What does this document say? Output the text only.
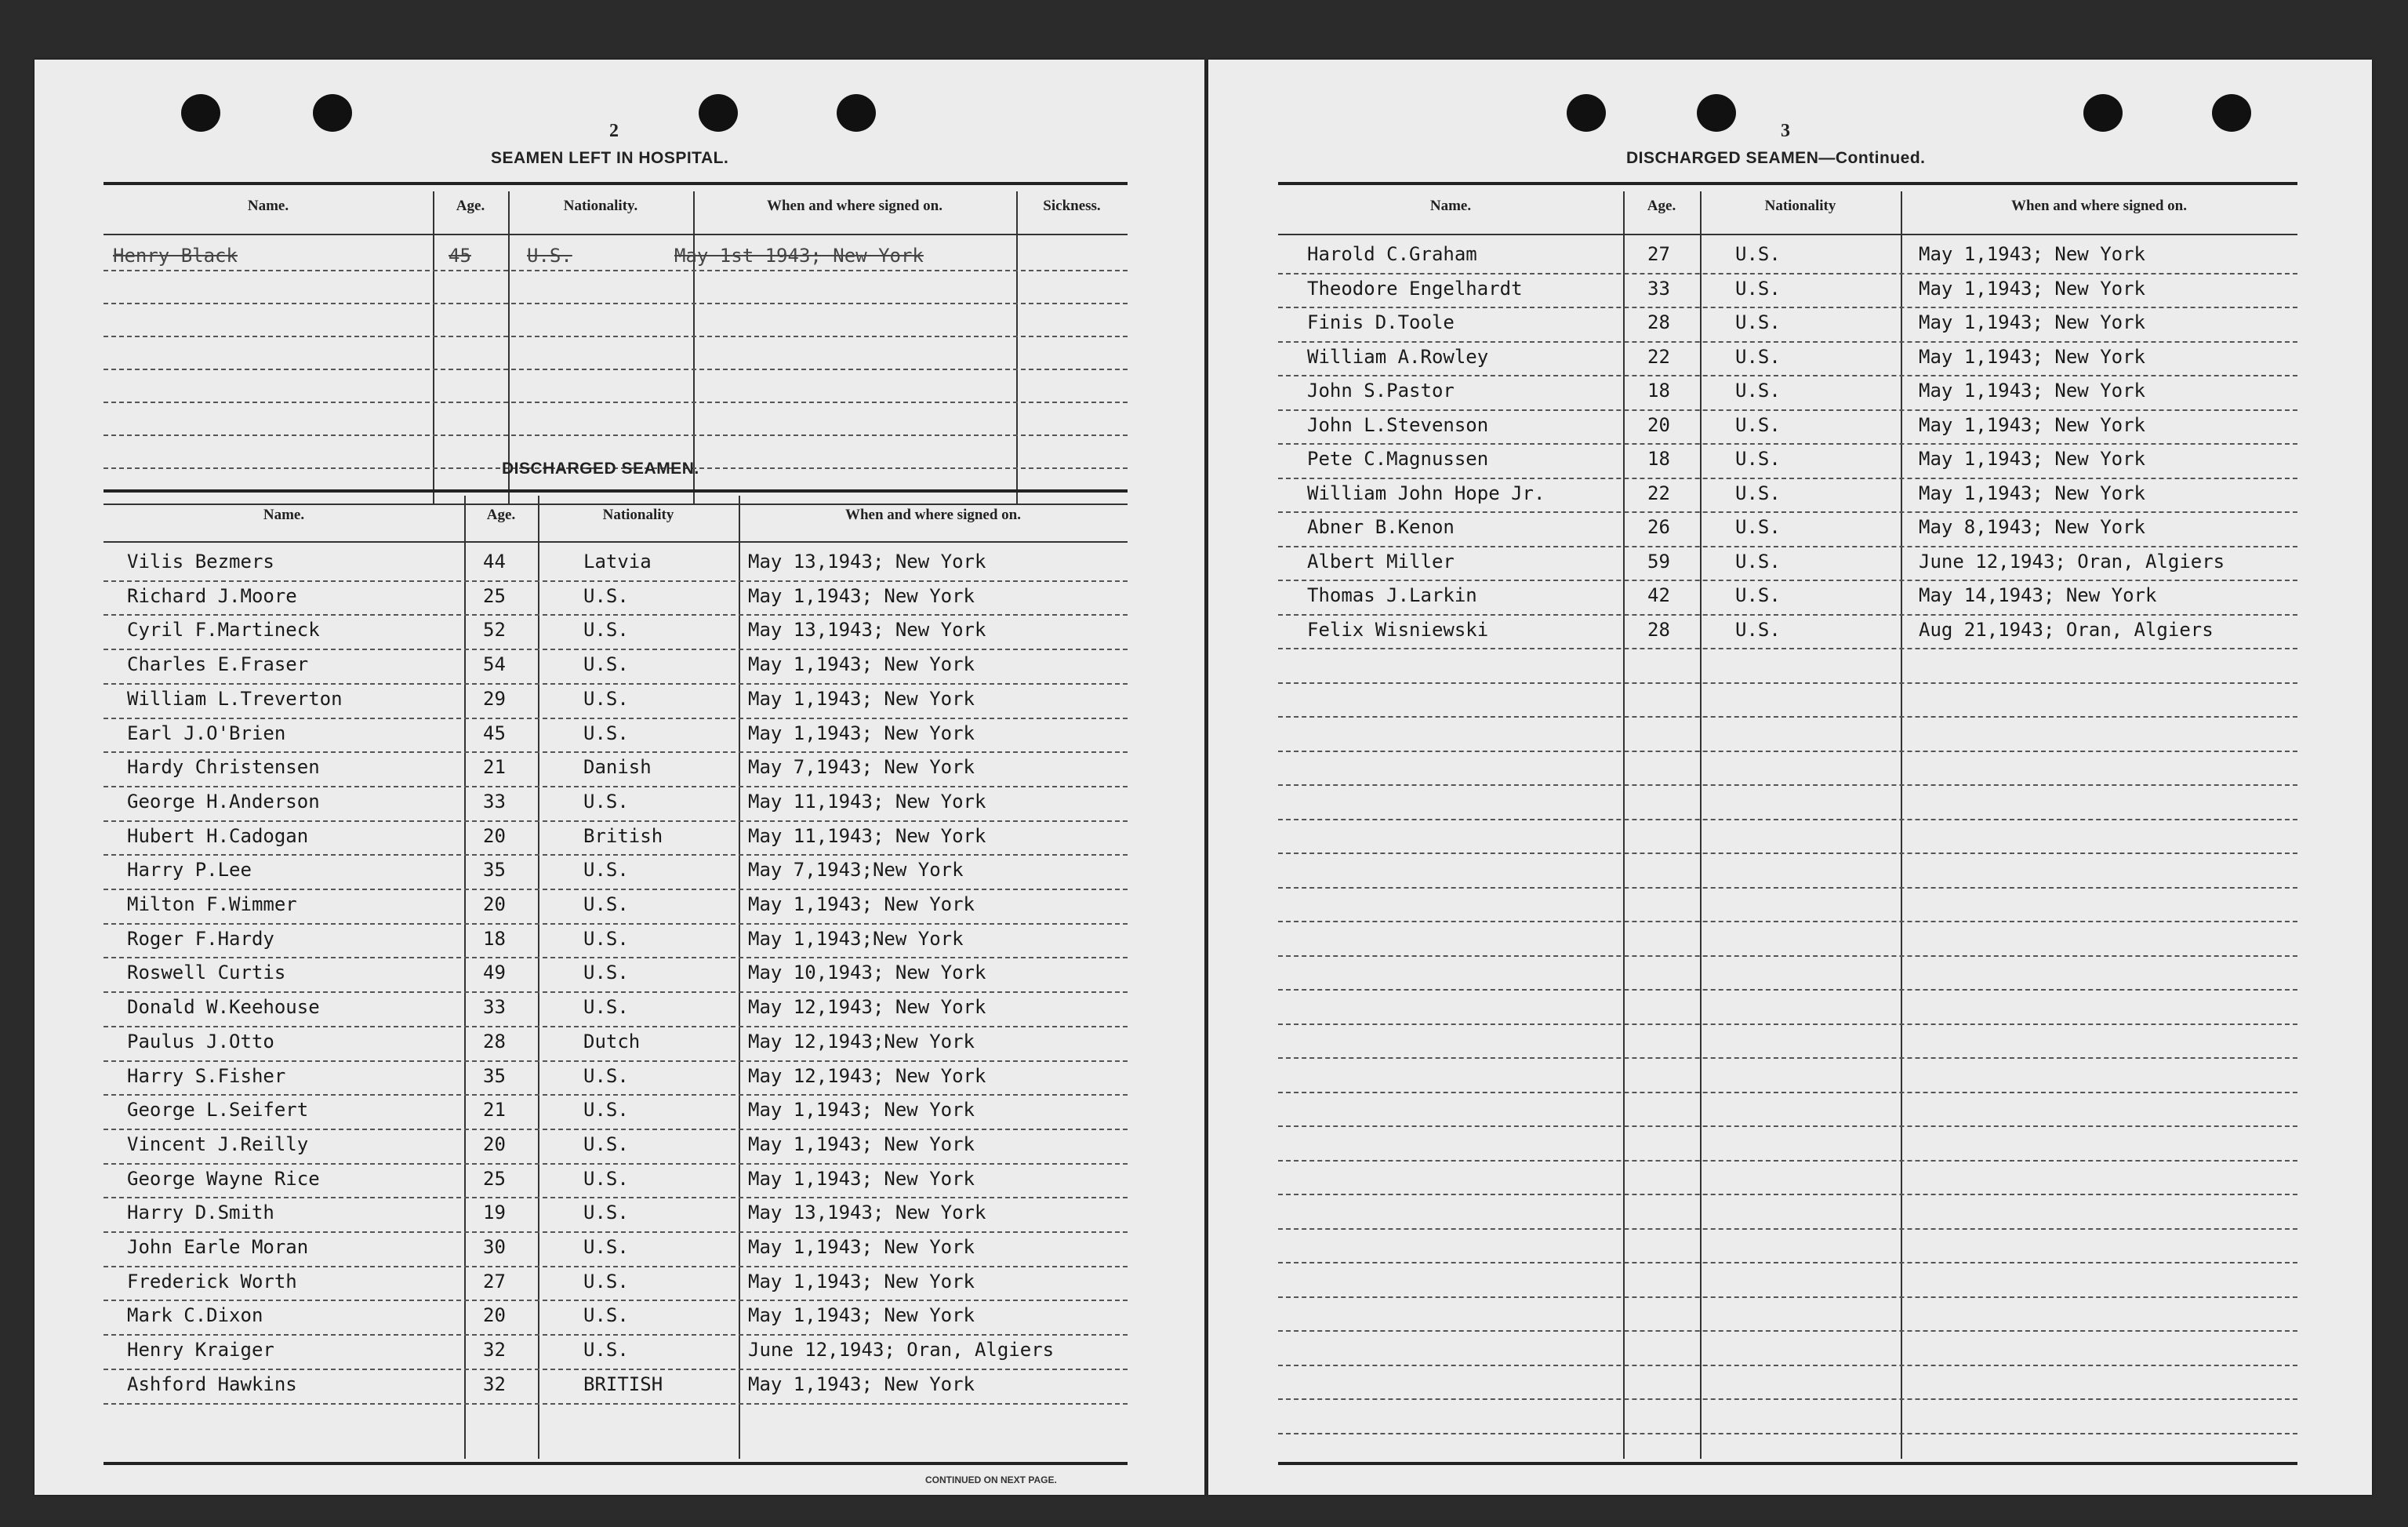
2
SEAMEN LEFT IN HOSPITAL.
Name.	Age.	Nationality.	When and where signed on.	Sickness.
Henry Black	45	U.S.	May 1st 1943; New York
DISCHARGED SEAMEN.
Name.	Age.	Nationality	When and where signed on.
Vilis Bezmers	44	Latvia	May 13,1943; New York
Richard J.Moore	25	U.S.	May 1,1943; New York
Cyril F.Martineck	52	U.S.	May 13,1943; New York
Charles E.Fraser	54	U.S.	May 1,1943; New York
William L.Treverton	29	U.S.	May 1,1943; New York
Earl J.O'Brien	45	U.S.	May 1,1943; New York
Hardy Christensen	21	Danish	May 7,1943; New York
George H.Anderson	33	U.S.	May 11,1943; New York
Hubert H.Cadogan	20	British	May 11,1943; New York
Harry P.Lee	35	U.S.	May 7,1943;New York
Milton F.Wimmer	20	U.S.	May 1,1943; New York
Roger F.Hardy	18	U.S.	May 1,1943;New York
Roswell Curtis	49	U.S.	May 10,1943; New York
Donald W.Keehouse	33	U.S.	May 12,1943; New York
Paulus J.Otto	28	Dutch	May 12,1943;New York
Harry S.Fisher	35	U.S.	May 12,1943; New York
George L.Seifert	21	U.S.	May 1,1943; New York
Vincent J.Reilly	20	U.S.	May 1,1943; New York
George Wayne Rice	25	U.S.	May 1,1943; New York
Harry D.Smith	19	U.S.	May 13,1943; New York
John Earle Moran	30	U.S.	May 1,1943; New York
Frederick Worth	27	U.S.	May 1,1943; New York
Mark C.Dixon	20	U.S.	May 1,1943; New York
Henry Kraiger	32	U.S.	June 12,1943; Oran, Algiers
Ashford Hawkins	32	BRITISH	May 1,1943; New York
CONTINUED ON NEXT PAGE.
3
DISCHARGED SEAMEN—Continued.
Name.	Age.	Nationality	When and where signed on.
Harold C.Graham	27	U.S.	May 1,1943; New York
Theodore Engelhardt	33	U.S.	May 1,1943; New York
Finis D.Toole	28	U.S.	May 1,1943; New York
William A.Rowley	22	U.S.	May 1,1943; New York
John S.Pastor	18	U.S.	May 1,1943; New York
John L.Stevenson	20	U.S.	May 1,1943; New York
Pete C.Magnussen	18	U.S.	May 1,1943; New York
William John Hope Jr.	22	U.S.	May 1,1943; New York
Abner B.Kenon	26	U.S.	May 8,1943; New York
Albert Miller	59	U.S.	June 12,1943; Oran, Algiers
Thomas J.Larkin	42	U.S.	May 14,1943; New York
Felix Wisniewski	28	U.S.	Aug 21,1943; Oran, Algiers
